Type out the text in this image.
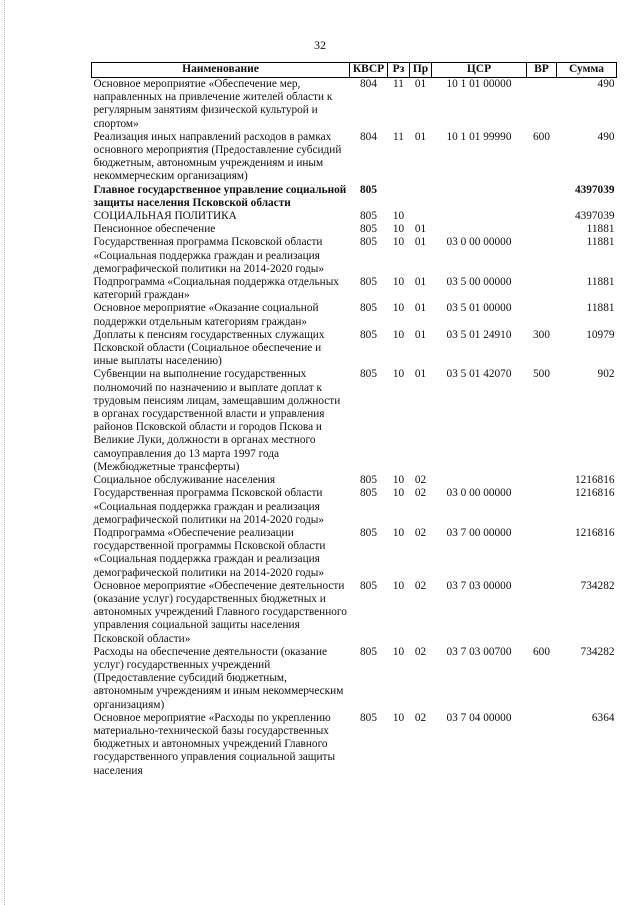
32
Наименование	КВСР	Рз	Пр	ЦСР	ВР	Сумма
Основное мероприятие «Обеспечение мер, направленных на привлечение жителей области к регулярным занятиям физической культурой и спортом»	804	11	01	10 1 01 00000		490
Реализация иных направлений расходов в рамках основного мероприятия (Предоставление субсидий бюджетным, автономным учреждениям и иным некоммерческим организациям)	804	11	01	10 1 01 99990	600	490
Главное государственное управление социальной защиты населения Псковской области	805					4397039
СОЦИАЛЬНАЯ ПОЛИТИКА	805	10				4397039
Пенсионное обеспечение	805	10	01			11881
Государственная программа Псковской области «Социальная поддержка граждан и реализация демографической политики на 2014-2020 годы»	805	10	01	03 0 00 00000		11881
Подпрограмма «Социальная поддержка отдельных категорий граждан»	805	10	01	03 5 00 00000		11881
Основное мероприятие «Оказание социальной поддержки отдельным категориям граждан»	805	10	01	03 5 01 00000		11881
Доплаты к пенсиям государственных служащих Псковской области (Социальное обеспечение и иные выплаты населению)	805	10	01	03 5 01 24910	300	10979
Субвенции на выполнение государственных полномочий по назначению и выплате доплат к трудовым пенсиям лицам, замещавшим должности в органах государственной власти и управления районов Псковской области и городов Пскова и Великие Луки, должности в органах местного самоуправления до 13 марта 1997 года (Межбюджетные трансферты)	805	10	01	03 5 01 42070	500	902
Социальное обслуживание населения	805	10	02			1216816
Государственная программа Псковской области «Социальная поддержка граждан и реализация демографической политики на 2014-2020 годы»	805	10	02	03 0 00 00000		1216816
Подпрограмма «Обеспечение реализации государственной программы Псковской области «Социальная поддержка граждан и реализация демографической политики на 2014-2020 годы»	805	10	02	03 7 00 00000		1216816
Основное мероприятие «Обеспечение деятельности (оказание услуг) государственных бюджетных и автономных учреждений Главного государственного управления социальной защиты населения Псковской области»	805	10	02	03 7 03 00000		734282
Расходы на обеспечение деятельности (оказание услуг) государственных учреждений (Предоставление субсидий бюджетным, автономным учреждениям и иным некоммерческим организациям)	805	10	02	03 7 03 00700	600	734282
Основное мероприятие «Расходы по укреплению материально-технической базы государственных бюджетных и автономных учреждений Главного государственного управления социальной защиты населения	805	10	02	03 7 04 00000		6364
